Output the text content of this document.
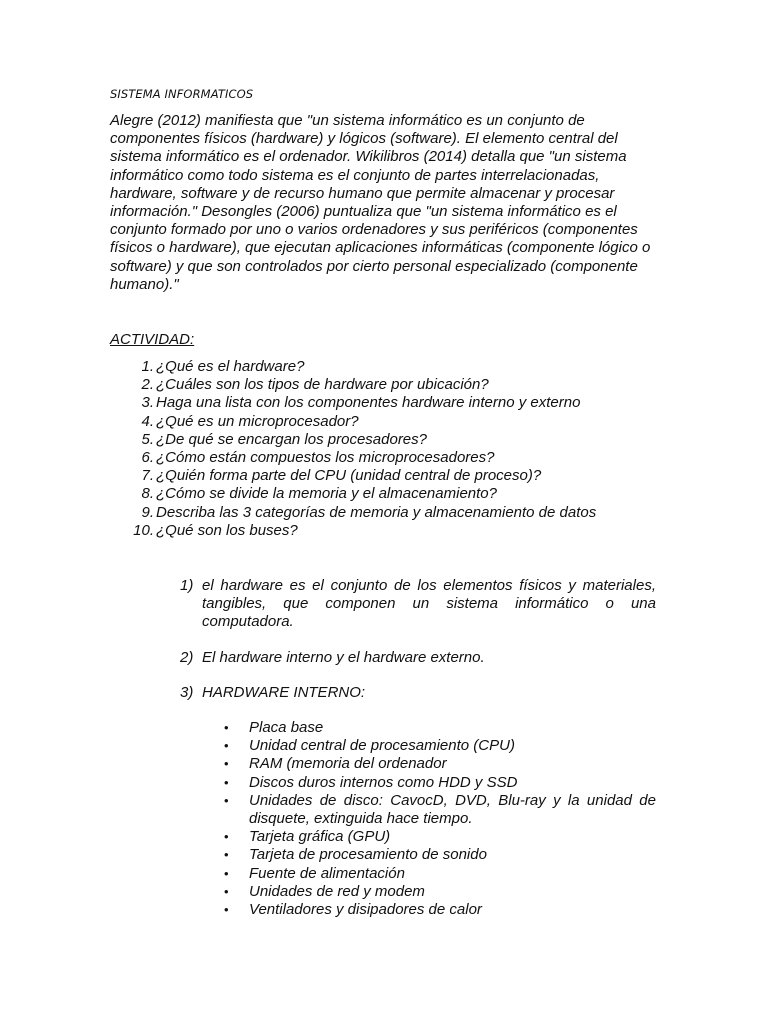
SISTEMA INFORMATICOS

Alegre (2012) manifiesta que "un sistema informático es un conjunto de componentes físicos (hardware) y lógicos (software). El elemento central del sistema informático es el ordenador. Wikilibros (2014) detalla que "un sistema informático como todo sistema es el conjunto de partes interrelacionadas, hardware, software y de recurso humano que permite almacenar y procesar información." Desongles (2006) puntualiza que "un sistema informático es el conjunto formado por uno o varios ordenadores y sus periféricos (componentes físicos o hardware), que ejecutan aplicaciones informáticas (componente lógico o software) y que son controlados por cierto personal especializado (componente humano)."

ACTIVIDAD:
1. ¿Qué es el hardware?
2. ¿Cuáles son los tipos de hardware por ubicación?
3. Haga una lista con los componentes hardware interno y externo
4. ¿Qué es un microprocesador?
5. ¿De qué se encargan los procesadores?
6. ¿Cómo están compuestos los microprocesadores?
7. ¿Quién forma parte del CPU (unidad central de proceso)?
8. ¿Cómo se divide la memoria y el almacenamiento?
9. Describa las 3 categorías de memoria y almacenamiento de datos
10. ¿Qué son los buses?
1) el hardware es el conjunto de los elementos físicos y materiales, tangibles, que componen un sistema informático o una computadora.
2) El hardware interno y el hardware externo.
3) HARDWARE INTERNO:
• Placa base
• Unidad central de procesamiento (CPU)
• RAM (memoria del ordenador
• Discos duros internos como HDD y SSD
• Unidades de disco: CavocD, DVD, Blu-ray y la unidad de disquete, extinguida hace tiempo.
• Tarjeta gráfica (GPU)
• Tarjeta de procesamiento de sonido
• Fuente de alimentación
• Unidades de red y modem
• Ventiladores y disipadores de calor
